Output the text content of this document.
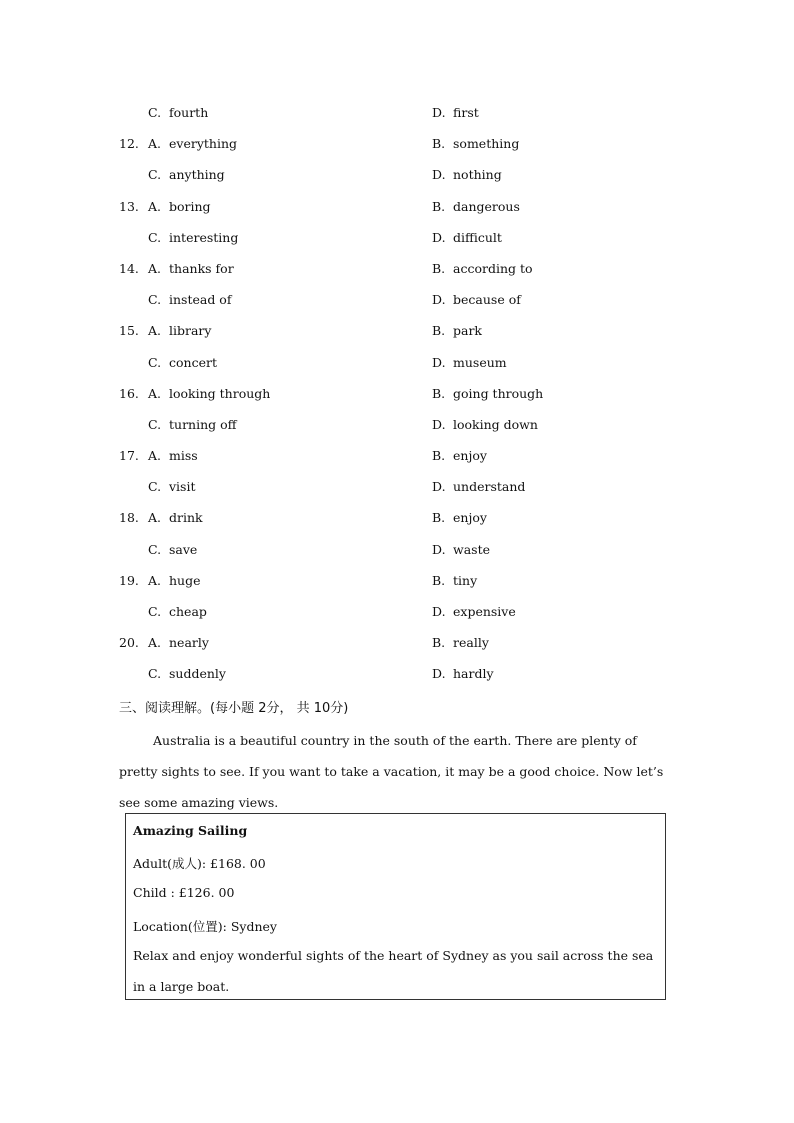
C. fourth	D. first
12. A. everything	B. something
C. anything	D. nothing
13. A. boring	B. dangerous
C. interesting	D. difficult
14. A. thanks for	B. according to
C. instead of	D. because of
15. A. library	B. park
C. concert	D. museum
16. A. looking through	B. going through
C. turning off	D. looking down
17. A. miss	B. enjoy
C. visit	D. understand
18. A. drink	B. enjoy
C. save	D. waste
19. A. huge	B. tiny
C. cheap	D. expensive
20. A. nearly	B. really
C. suddenly	D. hardly
三、阅读理解。(每小题 2分， 共 10分)

Australia is a beautiful country in the south of the earth. There are plenty of pretty sights to see. If you want to take a vacation, it may be a good choice. Now let’s see some amazing views.

Amazing Sailing
Adult(成人): £168. 00
Child : £126. 00
Location(位置): Sydney
Relax and enjoy wonderful sights of the heart of Sydney as you sail across the sea in a large boat.
